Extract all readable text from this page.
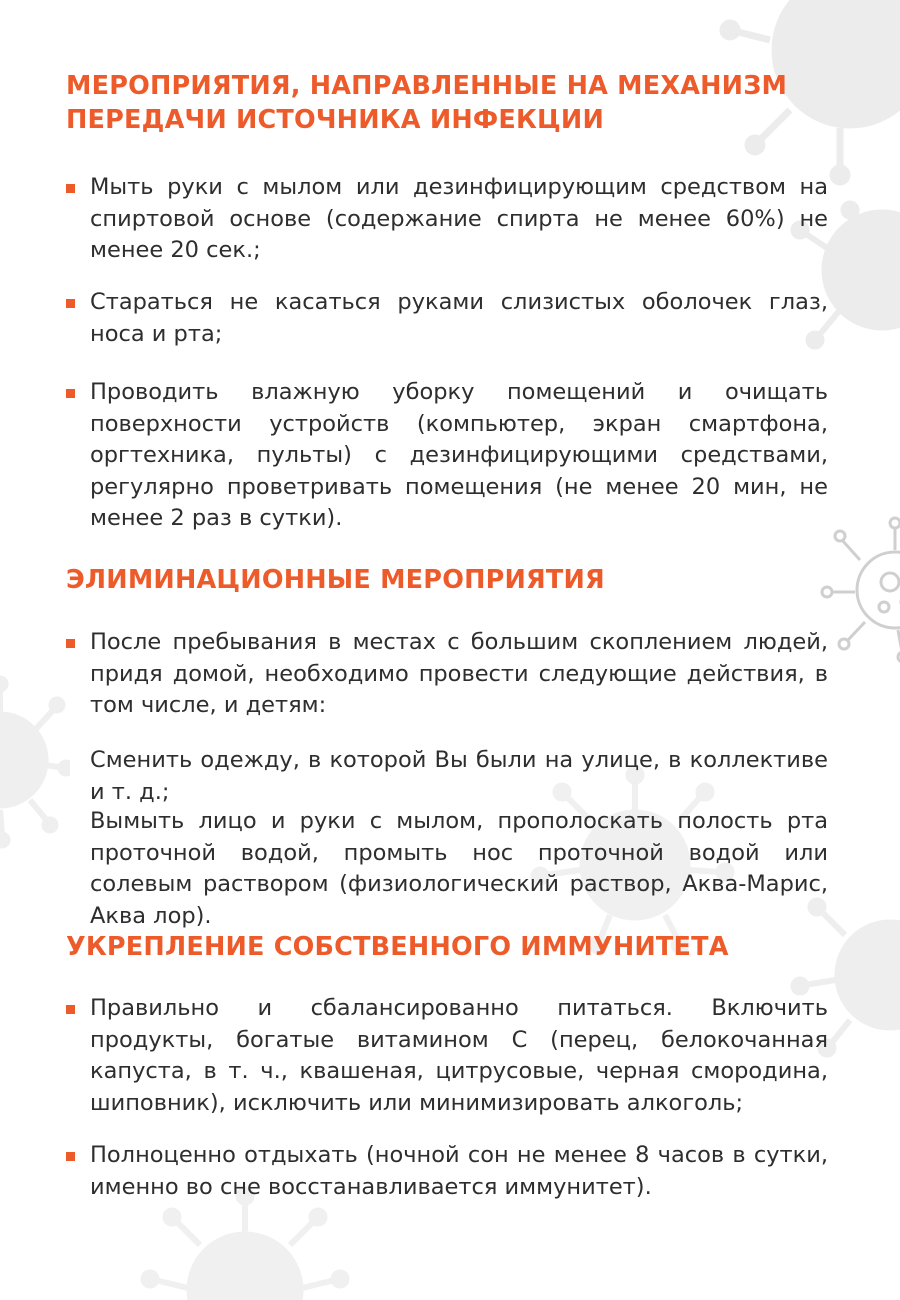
МЕРОПРИЯТИЯ, НАПРАВЛЕННЫЕ НА МЕХАНИЗМ
ПЕРЕДАЧИ ИСТОЧНИКА ИНФЕКЦИИ
Мыть руки с мылом или дезинфицирующим средством на спиртовой основе (содержание спирта не менее 60%) не менее 20 сек.;
Стараться не касаться руками слизистых оболочек глаз, носа и рта;
Проводить влажную уборку помещений и очищать поверхности устройств (компьютер, экран смартфона, оргтехника, пульты) с дезинфицирующими средствами, регулярно проветривать помещения (не менее 20 мин, не менее 2 раз в сутки).
ЭЛИМИНАЦИОННЫЕ МЕРОПРИЯТИЯ
После пребывания в местах с большим скоплением людей, придя домой, необходимо провести следующие действия, в том числе, и детям:

Сменить одежду, в которой Вы были на улице, в коллективе и т. д.;

Вымыть лицо и руки с мылом, прополоскать полость рта проточной водой, промыть нос проточной водой или солевым раствором (физиологический раствор, Аква-Марис, Аква лор).

УКРЕПЛЕНИЕ СОБСТВЕННОГО ИММУНИТЕТА
Правильно и сбалансированно питаться. Включить продукты, богатые витамином С (перец, белокочанная капуста, в т. ч., квашеная, цитрусовые, черная смородина, шиповник), исключить или минимизировать алкоголь;
Полноценно отдыхать (ночной сон не менее 8 часов в сутки, именно во сне восстанавливается иммунитет).
